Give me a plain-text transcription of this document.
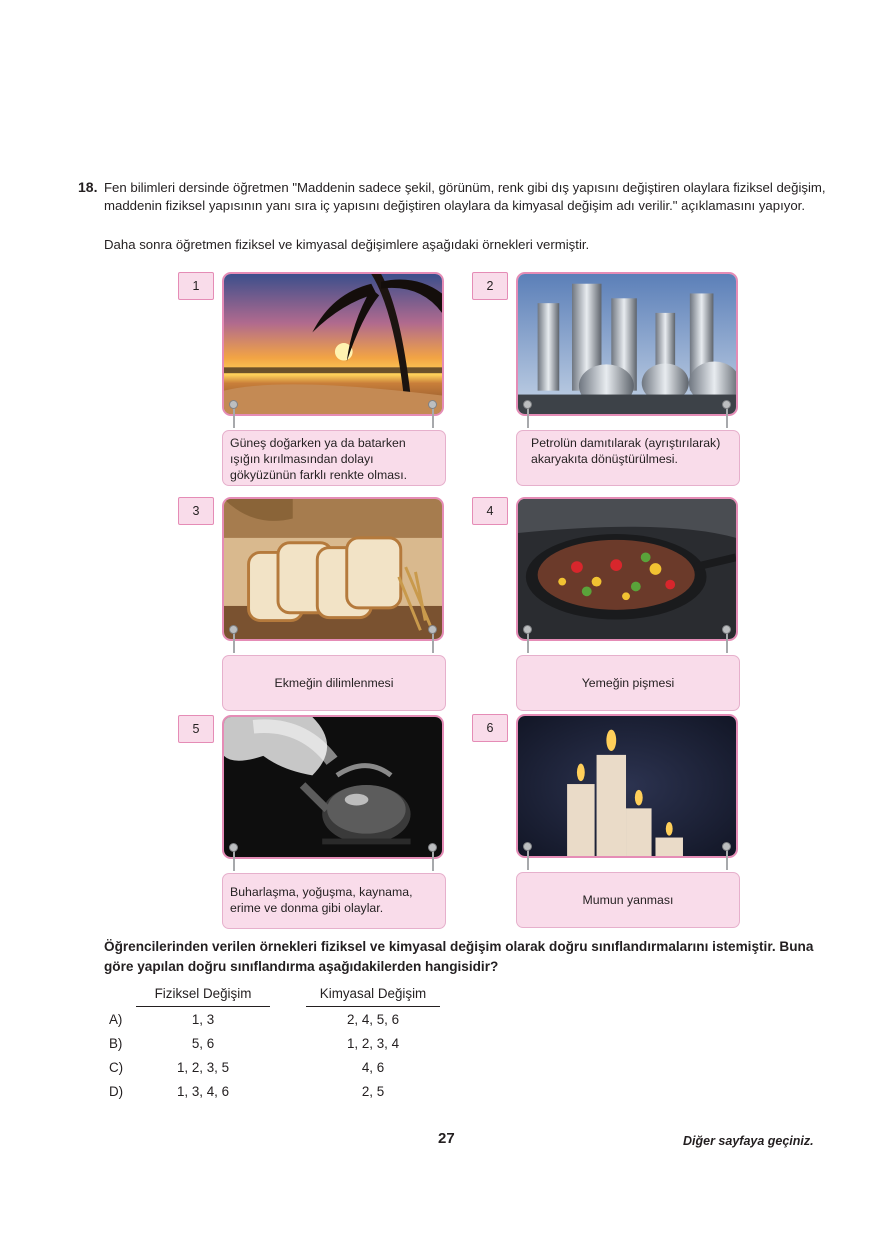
18. Fen bilimleri dersinde öğretmen "Maddenin sadece şekil, görünüm, renk gibi dış yapısını değiştiren olaylara fiziksel değişim, maddenin fiziksel yapısının yanı sıra iç yapısını değiştiren olaylara da kimyasal değişim adı verilir." açıklamasını yapıyor.
Daha sonra öğretmen fiziksel ve kimyasal değişimlere aşağıdaki örnekleri vermiştir.
1
Güneş doğarken ya da batarken ışığın kırılmasından dolayı gökyüzünün farklı renkte olması.
2
Petrolün damıtılarak (ayrıştırılarak) akaryakıta dönüştürülmesi.
3
Ekmeğin dilimlenmesi
4
Yemeğin pişmesi
5
Buharlaşma, yoğuşma, kaynama, erime ve donma gibi olaylar.
6
Mumun yanması
Öğrencilerinden verilen örnekleri fiziksel ve kimyasal değişim olarak doğru sınıflandırmalarını istemiştir. Buna göre yapılan doğru sınıflandırma aşağıdakilerden hangisidir?
Fiziksel Değişim	Kimyasal Değişim
A)	1, 3	2, 4, 5, 6
B)	5, 6	1, 2, 3, 4
C)	1, 2, 3, 5	4, 6
D)	1, 3, 4, 6	2, 5
27	Diğer sayfaya geçiniz.
